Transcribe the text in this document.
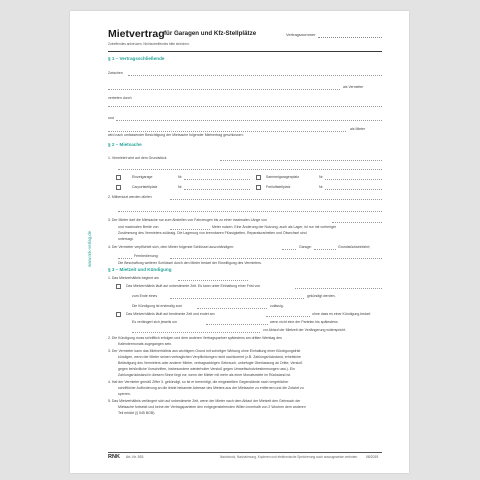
Mietvertrag für Garagen und Kfz-Stellplätze
Zutreffendes ankreuzen. Nichtzutreffendes bitte streichen.
Vertragsnummer
§ 1 – Vertragsschließende
Zwischen
als Vermieter
vertreten durch
und
als Mieter
wird nach umfassender Besichtigung der Mietsache folgender Mietvertrag geschlossen:
§ 2 – Mietsache
1. Vermietet wird auf dem Grundstück
Einzelgarage	Nr.	Sammelgaragenplatz	Nr.
Carportstellplatz	Nr.	Freiluftstellplatz	Nr.
2. Mitbenutzt werden dürfen:
3. Der Mieter darf die Mietsache nur zum Abstellen von Fahrzeugen bis zu einer maximalen Länge von
und maximalen Breite von	Meter nutzen. Eine Änderung der Nutzung, auch als Lager, ist nur mit vorheriger
Zustimmung des Vermieters zulässig. Die Lagerung von brennbaren Flüssigkeiten, Reparaturarbeiten und Ölwechsel sind
untersagt.
4. Der Vermieter verpflichtet sich, dem Mieter folgende Schlüssel auszuhändigen:	Garage:	Grundstückseinfahrt;
Fernbedienung:
Die Beschaffung weiterer Schlüssel durch den Mieter bedarf der Einwilligung des Vermieters.
§ 3 – Mietzeit und Kündigung
1. Das Mietverhältnis beginnt am
Das Mietverhältnis läuft auf unbestimmte Zeit. Es kann unter Einhaltung einer Frist von
zum Ende eines	gekündigt werden.
Die Kündigung ist erstmalig zum	zulässig.
Das Mietverhältnis läuft auf bestimmte Zeit und endet am	ohne dass es einer Kündigung bedarf.
Es verlängert sich jeweils um	wenn nicht eine der Parteien bis spätestens
vor Ablauf der Mietzeit der Verlängerung widerspricht.
2. Die Kündigung muss schriftlich erfolgen und dem anderen Vertragspartner spätestens am dritten Werktag des
Kalendermonats zugegangen sein.
3. Der Vermieter kann das Mietverhältnis aus wichtigem Grund mit sofortiger Wirkung ohne Einhaltung einer Kündigungsfrist
kündigen, wenn der Mieter seinen vertraglichen Verpflichtungen nicht nachkommt (z.B. Zahlungsrückstand, erhebliche
Belästigung des Vermieters oder anderer Mieter, vertragswidrigen Gebrauch, unbefugte Überlassung an Dritte, Verstoß
gegen behördliche Vorschriften, insbesondere wiederholter Verstoß gegen Umweltschutzbestimmungen usw.). Ein
Zahlungsrückstand in diesem Sinne liegt vor, wenn der Mieter mit mehr als einer Monatsmiete im Rückstand ist.
4. Hat der Vermieter gemäß Ziffer 3. gekündigt, so ist er berechtigt, die eingestellten Gegenstände nach vergeblicher
schriftlicher Aufforderung an die letzte bekannte Adresse des Mieters aus der Mietsache zu entfernen und die Zufahrt zu
sperren.
5. Das Mietverhältnis verlängert sich auf unbestimmte Zeit, wenn der Mieter nach dem Ablauf der Mietzeit den Gebrauch der
Mietsache fortsetzt und keine der Vertragsparteien den entgegenstehenden Willen innerhalb von 2 Wochen dem anderen
Teil erklärt (§ 545 BGB).
www.rnk-verlag.de
RNK Art.-Nr. 553	Nachdruck, Nachahmung, Kopieren und elektronische Speicherung auch auszugsweise verboten. 08/2019
